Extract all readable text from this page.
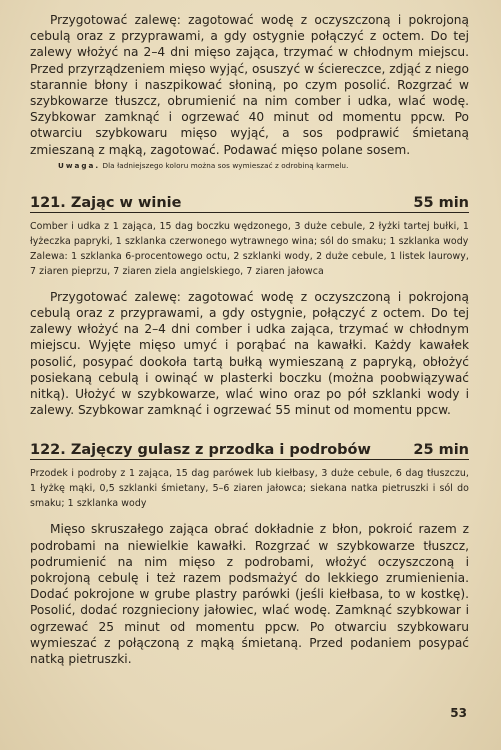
Przygotować zalewę: zagotować wodę z oczyszczoną i pokrojoną cebulą oraz z przyprawami, a gdy ostygnie połączyć z octem. Do tej zalewy włożyć na 2–4 dni mięso zająca, trzymać w chłodnym miejscu. Przed przyrządzeniem mięso wyjąć, osuszyć w ściereczce, zdjąć z niego starannie błony i naszpikować słoniną, po czym posolić. Rozgrzać w szybkowarze tłuszcz, obrumienić na nim comber i udka, wlać wodę. Szybkowar zamknąć i ogrzewać 40 minut od momentu ppcw. Po otwarciu szybkowaru mięso wyjąć, a sos podprawić śmietaną zmieszaną z mąką, zagotować. Podawać mięso polane sosem.

Uwaga. Dla ładniejszego koloru można sos wymieszać z odrobiną karmelu.

121. Zając w winie	55 min

Comber i udka z 1 zająca, 15 dag boczku wędzonego, 3 duże cebule, 2 łyżki tartej bułki, 1 łyżeczka papryki, 1 szklanka czerwonego wytrawnego wina; sól do smaku; 1 szklanka wody

Zalewa: 1 szklanka 6-procentowego octu, 2 szklanki wody, 2 duże cebule, 1 listek laurowy, 7 ziaren pieprzu, 7 ziaren ziela angielskiego, 7 ziaren jałowca

Przygotować zalewę: zagotować wodę z oczyszczoną i pokrojoną cebulą oraz z przyprawami, a gdy ostygnie, połączyć z octem. Do tej zalewy włożyć na 2–4 dni comber i udka zająca, trzymać w chłodnym miejscu. Wyjęte mięso umyć i porąbać na kawałki. Każdy kawałek posolić, posypać dookoła tartą bułką wymieszaną z papryką, obłożyć posiekaną cebulą i owinąć w plasterki boczku (można poobwiązywać nitką). Ułożyć w szybkowarze, wlać wino oraz po pół szklanki wody i zalewy. Szybkowar zamknąć i ogrzewać 55 minut od momentu ppcw.

122. Zajęczy gulasz z przodka i podrobów	25 min

Przodek i podroby z 1 zająca, 15 dag parówek lub kiełbasy, 3 duże cebule, 6 dag tłuszczu, 1 łyżkę mąki, 0,5 szklanki śmietany, 5–6 ziaren jałowca; siekana natka pietruszki i sól do smaku; 1 szklanka wody

Mięso skruszałego zająca obrać dokładnie z błon, pokroić razem z podrobami na niewielkie kawałki. Rozgrzać w szybkowarze tłuszcz, podrumienić na nim mięso z podrobami, włożyć oczyszczoną i pokrojoną cebulę i też razem podsmażyć do lekkiego zrumienienia. Dodać pokrojone w grube plastry parówki (jeśli kiełbasa, to w kostkę). Posolić, dodać rozgnieciony jałowiec, wlać wodę. Zamknąć szybkowar i ogrzewać 25 minut od momentu ppcw. Po otwarciu szybkowaru wymieszać z połączoną z mąką śmietaną. Przed podaniem posypać natką pietruszki.

53
